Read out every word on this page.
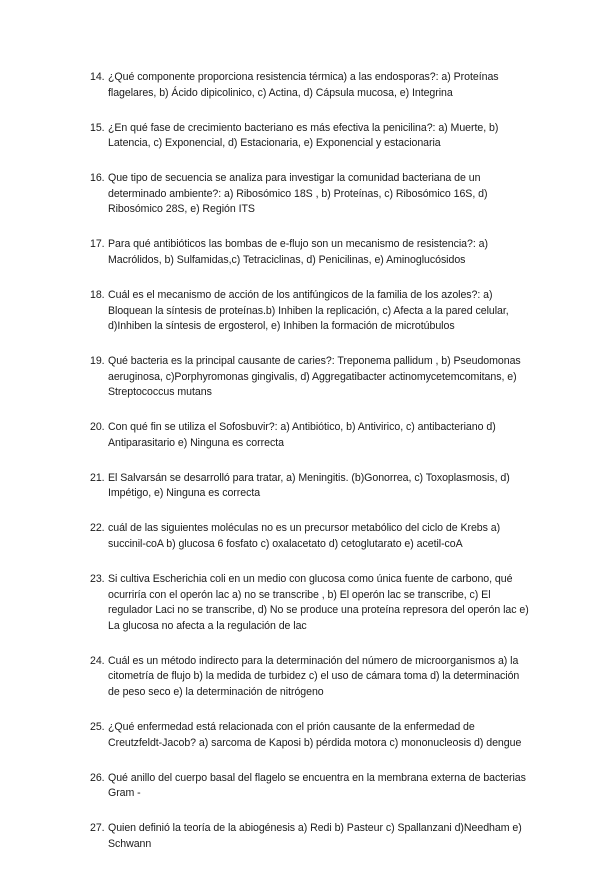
14. ¿Qué componente proporciona resistencia térmica) a las endosporas?: a) Proteínas flagelares, b) Ácido dipicolinico, c) Actina, d) Cápsula mucosa, e) Integrina
15. ¿En qué fase de crecimiento bacteriano es más efectiva la penicilina?: a) Muerte, b) Latencia, c) Exponencial, d) Estacionaria, e) Exponencial y estacionaria
16. Que tipo de secuencia se analiza para investigar la comunidad bacteriana de un determinado ambiente?: a) Ribosómico 18S , b) Proteínas, c) Ribosómico 16S, d) Ribosómico 28S, e) Región ITS
17. Para qué antibióticos las bombas de e-flujo son un mecanismo de resistencia?: a) Macrólidos, b) Sulfamidas,c) Tetraciclinas, d) Penicilinas, e) Aminoglucósidos
18. Cuál es el mecanismo de acción de los antifúngicos de la familia de los azoles?: a) Bloquean la síntesis de proteínas.b) Inhiben la replicación, c) Afecta a la pared celular, d)Inhiben la síntesis de ergosterol, e) Inhiben la formación de microtúbulos
19. Qué bacteria es la principal causante de caries?: Treponema pallidum , b) Pseudomonas aeruginosa, c)Porphyromonas gingivalis, d) Aggregatibacter actinomycetemcomitans, e) Streptococcus mutans
20. Con qué fin se utiliza el Sofosbuvir?: a) Antibiótico, b) Antivirico, c) antibacteriano d) Antiparasitario e) Ninguna es correcta
21. El Salvarsán se desarrolló para tratar, a) Meningitis. (b)Gonorrea, c) Toxoplasmosis, d) Impétigo, e) Ninguna es correcta
22. cuál de las siguientes moléculas no es un precursor metabólico del ciclo de Krebs a) succinil-coA b) glucosa 6 fosfato c) oxalacetato d) cetoglutarato e) acetil-coA
23. Si cultiva Escherichia coli en un medio con glucosa como única fuente de carbono, qué ocurriría con el operón lac a) no se transcribe , b) El operón lac se transcribe, c) El regulador Laci no se transcribe, d) No se produce una proteína represora del operón lac e) La glucosa no afecta a la regulación de lac
24. Cuál es un método indirecto para la determinación del número de microorganismos a) la citometría de flujo b) la medida de turbidez c) el uso de cámara toma d) la determinación de peso seco e) la determinación de nitrógeno
25. ¿Qué enfermedad está relacionada con el prión causante de la enfermedad de Creutzfeldt-Jacob? a) sarcoma de Kaposi b) pérdida motora c) mononucleosis d) dengue
26. Qué anillo del cuerpo basal del flagelo se encuentra en la membrana externa de bacterias Gram -
27. Quien definió la teoría de la abiogénesis a) Redi b) Pasteur c) Spallanzani d)Needham e) Schwann
